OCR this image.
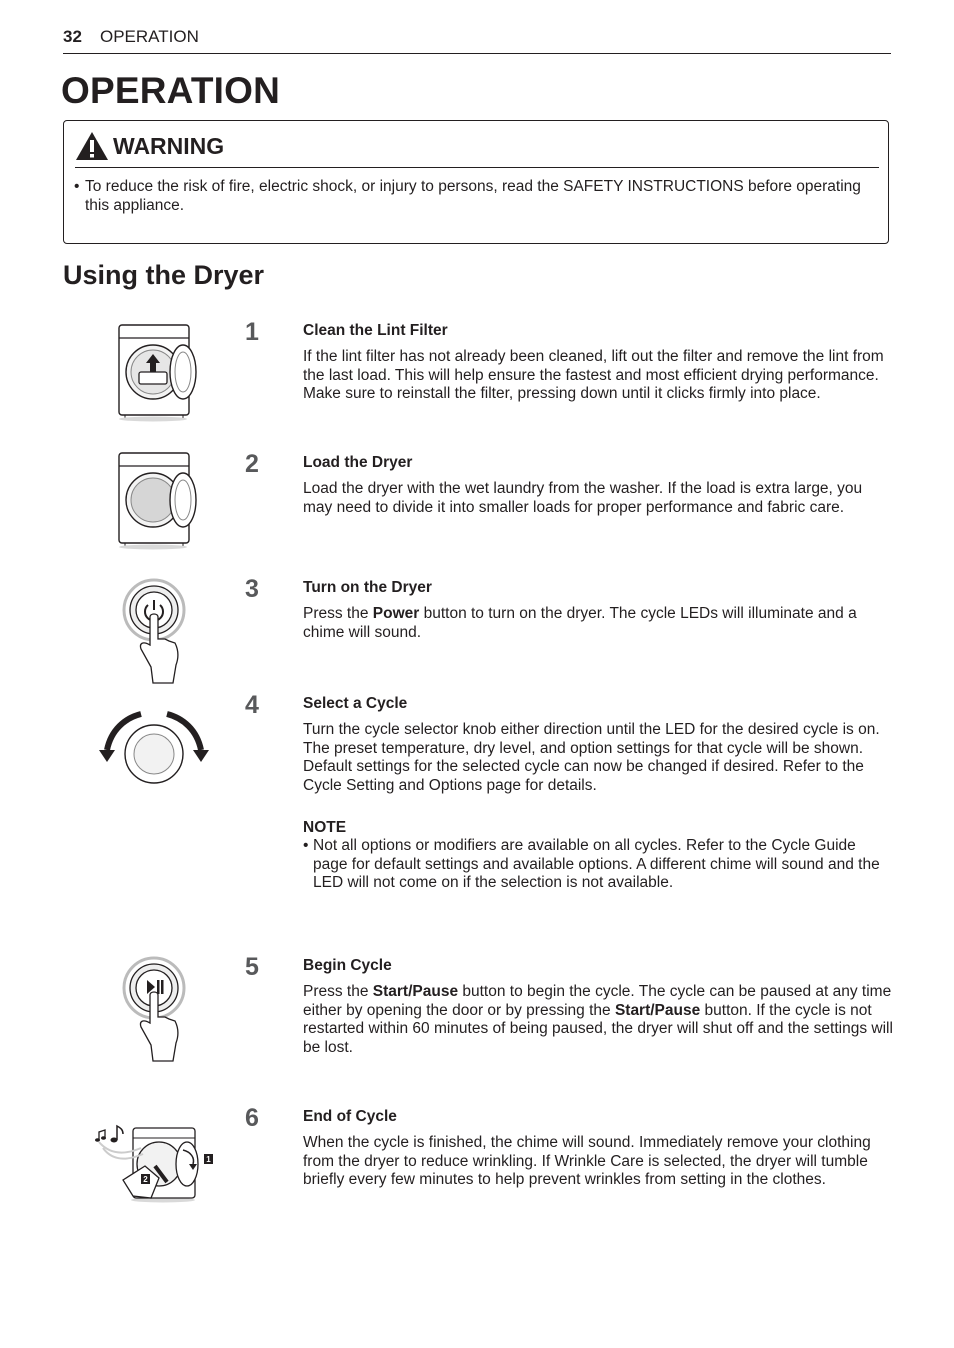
32 OPERATION
OPERATION
WARNING
• To reduce the risk of fire, electric shock, or injury to persons, read the SAFETY INSTRUCTIONS before operating this appliance.
Using the Dryer
1	Clean the Lint Filter
If the lint filter has not already been cleaned, lift out the filter and remove the lint from the last load. This will help ensure the fastest and most efficient drying performance. Make sure to reinstall the filter, pressing down until it clicks firmly into place.
2	Load the Dryer
Load the dryer with the wet laundry from the washer. If the load is extra large, you may need to divide it into smaller loads for proper performance and fabric care.
3	Turn on the Dryer
Press the Power button to turn on the dryer. The cycle LEDs will illuminate and a chime will sound.
4	Select a Cycle
Turn the cycle selector knob either direction until the LED for the desired cycle is on. The preset temperature, dry level, and option settings for that cycle will be shown. Default settings for the selected cycle can now be changed if desired. Refer to the Cycle Setting and Options page for details.
NOTE
• Not all options or modifiers are available on all cycles. Refer to the Cycle Guide page for default settings and available options. A different chime will sound and the LED will not come on if the selection is not available.
5	Begin Cycle
Press the Start/Pause button to begin the cycle. The cycle can be paused at any time either by opening the door or by pressing the Start/Pause button. If the cycle is not restarted within 60 minutes of being paused, the dryer will shut off and the settings will be lost.
1
2
6	End of Cycle
When the cycle is finished, the chime will sound. Immediately remove your clothing from the dryer to reduce wrinkling. If Wrinkle Care is selected, the dryer will tumble briefly every few minutes to help prevent wrinkles from setting in the clothes.
